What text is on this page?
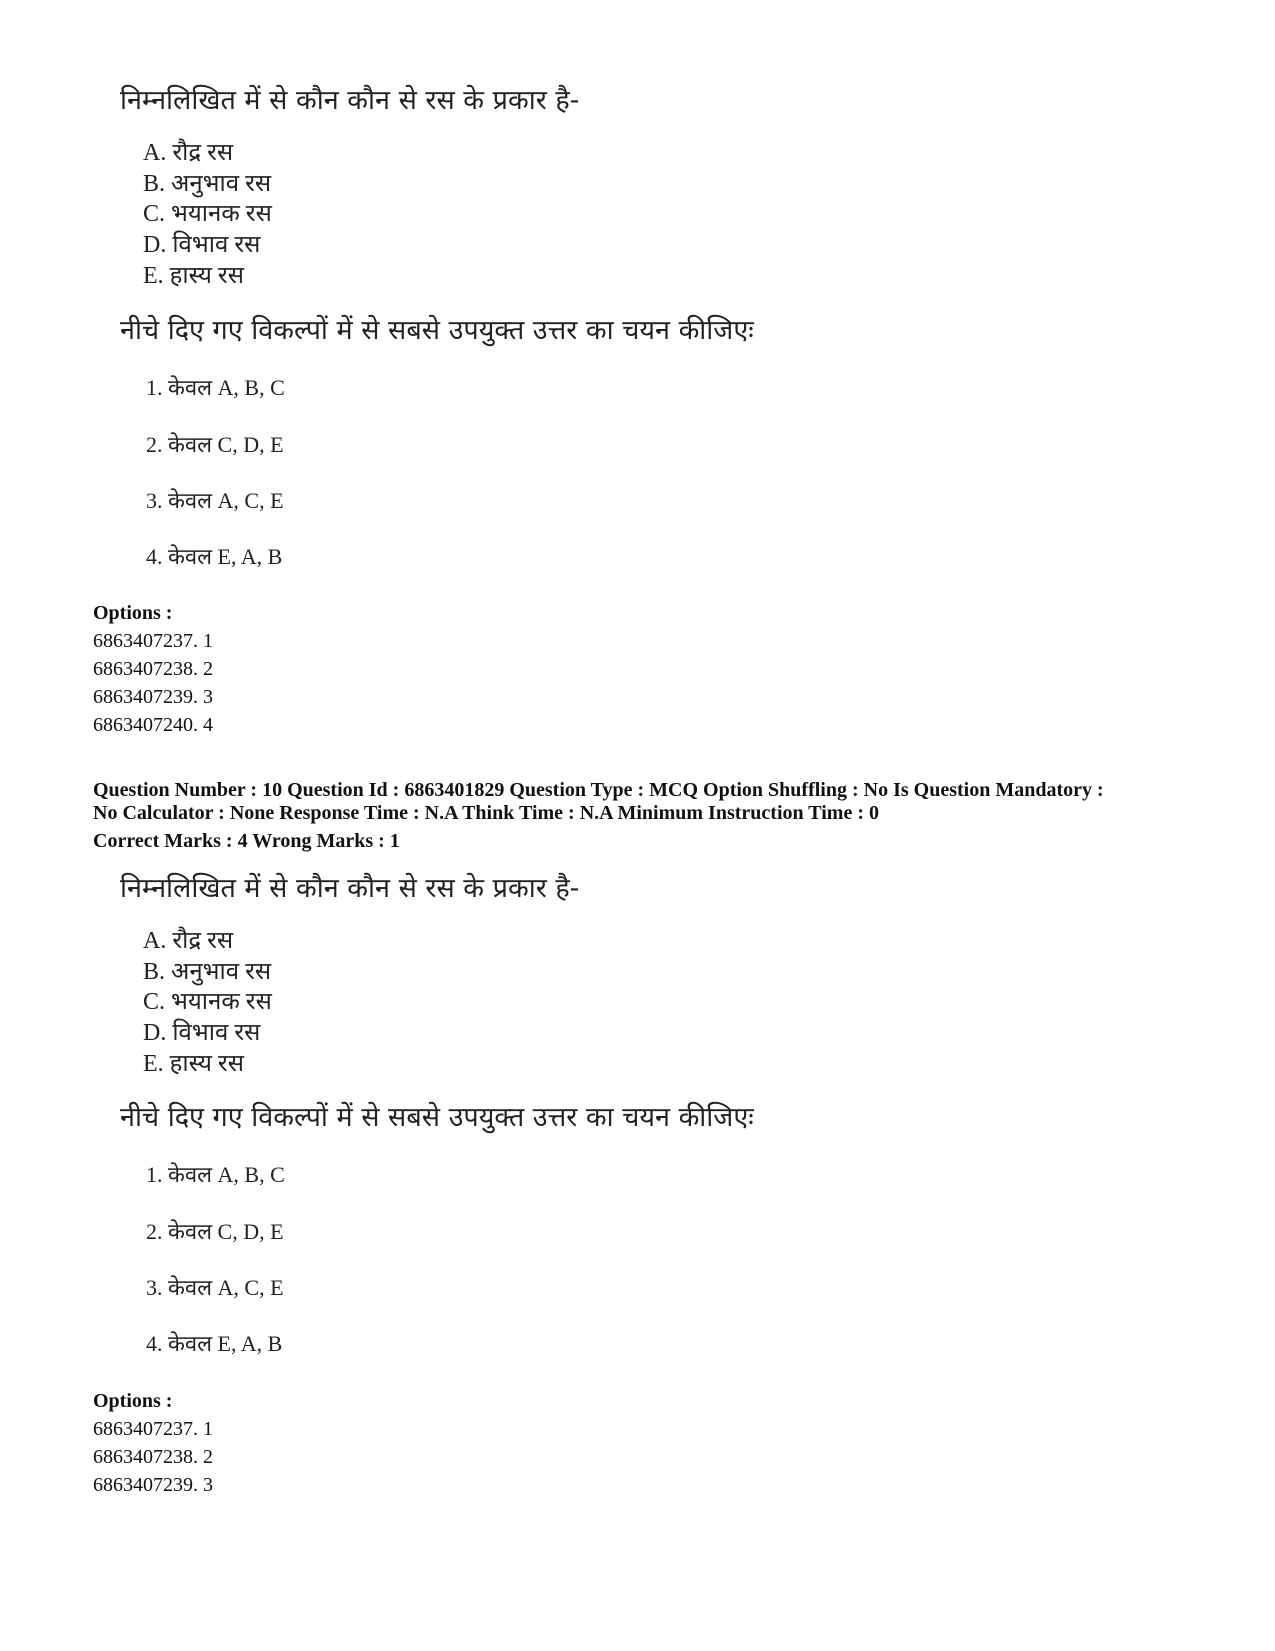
निम्नलिखित में से कौन कौन से रस के प्रकार है-
A. रौद्र रस
B. अनुभाव रस
C. भयानक रस
D. विभाव रस
E. हास्य रस
नीचे दिए गए विकल्पों में से सबसे उपयुक्त उत्तर का चयन कीजिएः
1. केवल A, B, C
2. केवल C, D, E
3. केवल A, C, E
4. केवल E, A, B
Options :
6863407237. 1
6863407238. 2
6863407239. 3
6863407240. 4
Question Number : 10 Question Id : 6863401829 Question Type : MCQ Option Shuffling : No Is Question Mandatory :
No Calculator : None Response Time : N.A Think Time : N.A Minimum Instruction Time : 0
Correct Marks : 4 Wrong Marks : 1
निम्नलिखित में से कौन कौन से रस के प्रकार है-
A. रौद्र रस
B. अनुभाव रस
C. भयानक रस
D. विभाव रस
E. हास्य रस
नीचे दिए गए विकल्पों में से सबसे उपयुक्त उत्तर का चयन कीजिएः
1. केवल A, B, C
2. केवल C, D, E
3. केवल A, C, E
4. केवल E, A, B
Options :
6863407237. 1
6863407238. 2
6863407239. 3
